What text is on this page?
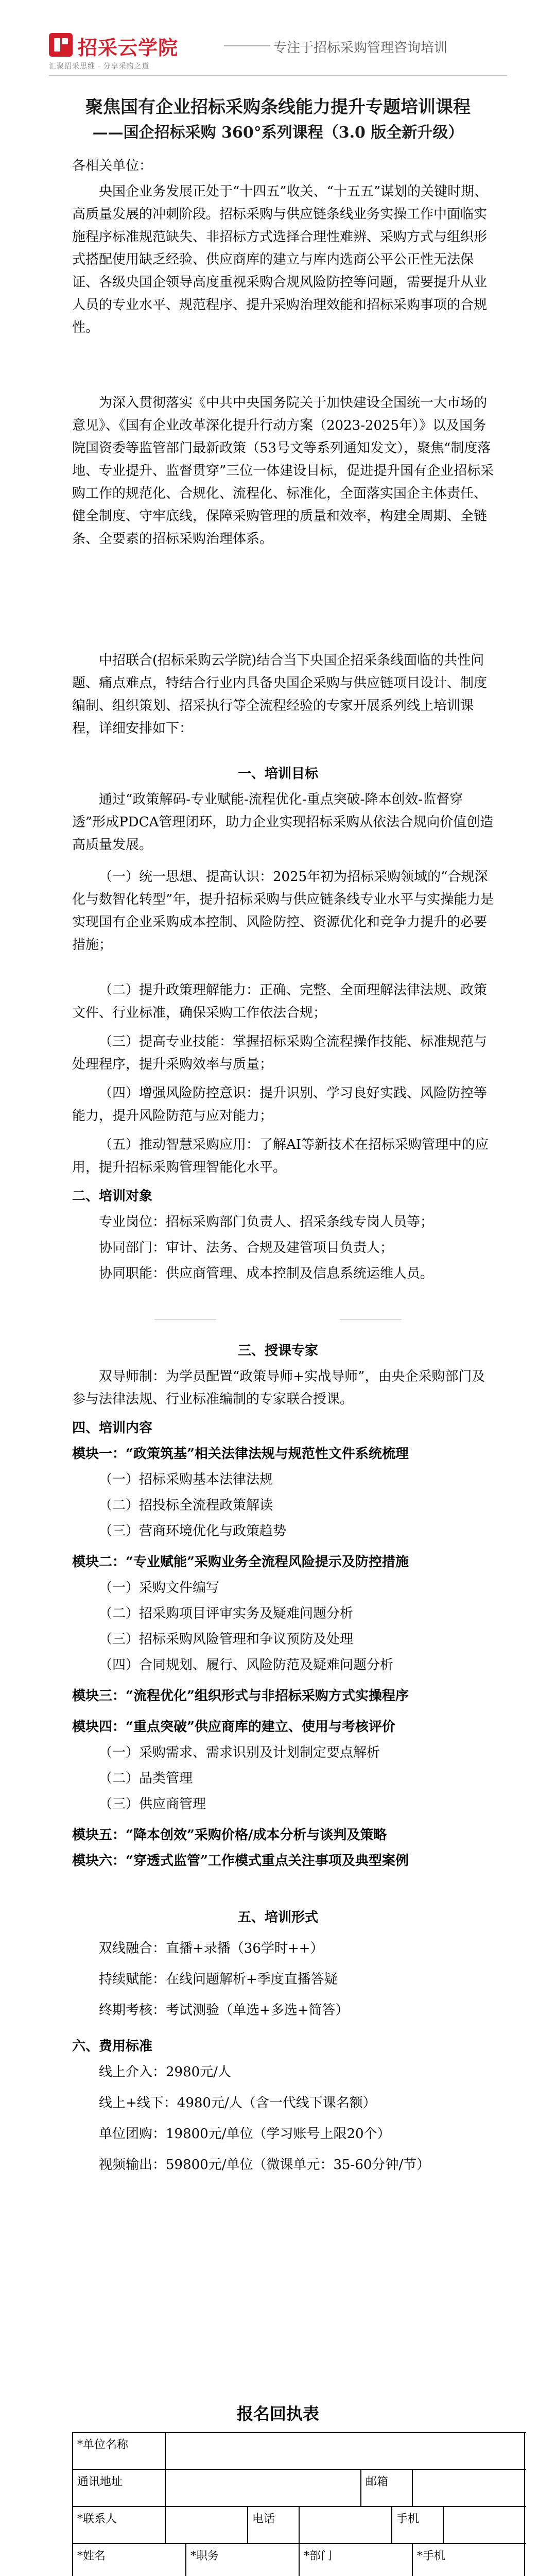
招采云学院
汇聚招采思维 · 分享采购之道
专注于招标采购管理咨询培训
聚焦国有企业招标采购条线能力提升专题培训课程
——国企招标采购 360°系列课程（3.0 版全新升级）
各相关单位：
央国企业务发展正处于“十四五”收关、“十五五”谋划的关键时期、高质量发展的冲刺阶段。招标采购与供应链条线业务实操工作中面临实施程序标准规范缺失、非招标方式选择合理性难辨、采购方式与组织形式搭配使用缺乏经验、供应商库的建立与库内选商公平公正性无法保证、各级央国企领导高度重视采购合规风险防控等问题，需要提升从业人员的专业水平、规范程序、提升采购治理效能和招标采购事项的合规性。
为深入贯彻落实《中共中央国务院关于加快建设全国统一大市场的意见》、《国有企业改革深化提升行动方案（2023-2025年）》以及国务院国资委等监管部门最新政策（53号文等系列通知发文），聚焦“制度落地、专业提升、监督贯穿”三位一体建设目标，促进提升国有企业招标采购工作的规范化、合规化、流程化、标准化，全面落实国企主体责任、健全制度、守牢底线，保障采购管理的质量和效率，构建全周期、全链条、全要素的招标采购治理体系。
中招联合(招标采购云学院)结合当下央国企招采条线面临的共性问题、痛点难点，特结合行业内具备央国企采购与供应链项目设计、制度编制、组织策划、招采执行等全流程经验的专家开展系列线上培训课程，详细安排如下：
一、培训目标
通过“政策解码-专业赋能-流程优化-重点突破-降本创效-监督穿透”形成PDCA管理闭环，助力企业实现招标采购从依法合规向价值创造高质量发展。
（一）统一思想、提高认识：2025年初为招标采购领域的“合规深化与数智化转型”年，提升招标采购与供应链条线专业水平与实操能力是实现国有企业采购成本控制、风险防控、资源优化和竞争力提升的必要措施；
（二）提升政策理解能力：正确、完整、全面理解法律法规、政策文件、行业标准，确保采购工作依法合规；
（三）提高专业技能：掌握招标采购全流程操作技能、标准规范与处理程序，提升采购效率与质量；
（四）增强风险防控意识：提升识别、学习良好实践、风险防控等能力，提升风险防范与应对能力；
（五）推动智慧采购应用：了解AI等新技术在招标采购管理中的应用，提升招标采购管理智能化水平。
二、培训对象
专业岗位：招标采购部门负责人、招采条线专岗人员等；
协同部门：审计、法务、合规及建管项目负责人；
协同职能：供应商管理、成本控制及信息系统运维人员。
三、授课专家
双导师制：为学员配置“政策导师+实战导师”，由央企采购部门及参与法律法规、行业标准编制的专家联合授课。
四、培训内容
模块一：“政策筑基”相关法律法规与规范性文件系统梳理
（一）招标采购基本法律法规
（二）招投标全流程政策解读
（三）营商环境优化与政策趋势
模块二：“专业赋能”采购业务全流程风险提示及防控措施
（一）采购文件编写
（二）招采购项目评审实务及疑难问题分析
（三）招标采购风险管理和争议预防及处理
（四）合同规划、履行、风险防范及疑难问题分析
模块三：“流程优化”组织形式与非招标采购方式实操程序
模块四：“重点突破”供应商库的建立、使用与考核评价
（一）采购需求、需求识别及计划制定要点解析
（二）品类管理
（三）供应商管理
模块五：“降本创效”采购价格/成本分析与谈判及策略
模块六：“穿透式监管”工作模式重点关注事项及典型案例
五、培训形式
双线融合：直播+录播（36学时++）
持续赋能：在线问题解析+季度直播答疑
终期考核：考试测验（单选+多选+简答）
六、费用标准
线上介入：2980元/人
线上+线下：4980元/人（含一代线下课名额）
单位团购：19800元/单位（学习账号上限20个）
视频输出：59800元/单位（微课单元：35-60分钟/节）
报名回执表
*单位名称
通讯地址	邮箱
*联系人	电话	手机
*姓名	*职务	*部门	*手机
